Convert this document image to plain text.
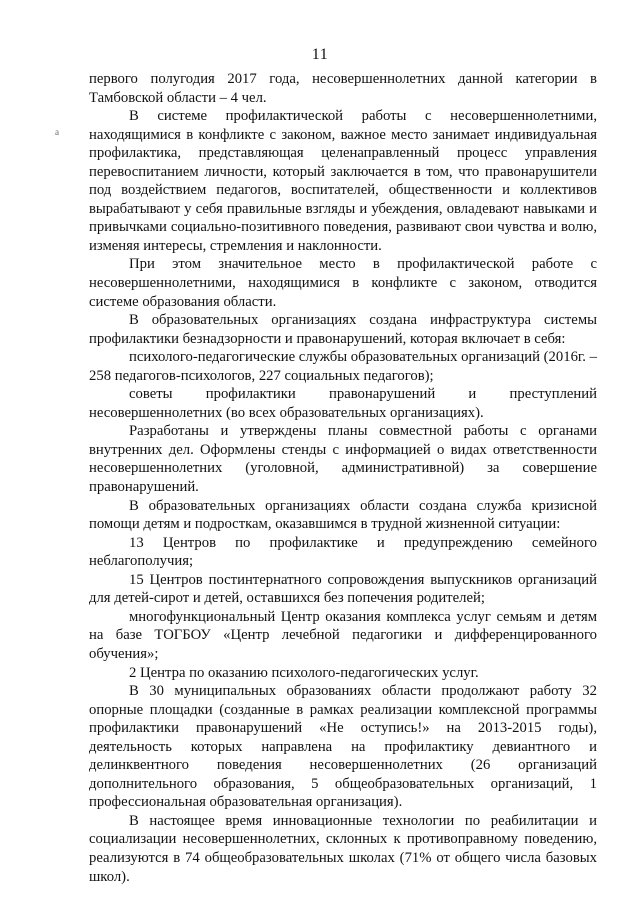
11
a

первого полугодия 2017 года, несовершеннолетних данной категории в Тамбовской области – 4 чел.

В системе профилактической работы с несовершеннолетними, находящимися в конфликте с законом, важное место занимает индивидуальная профилактика, представляющая целенаправленный процесс управления перевоспитанием личности, который заключается в том, что правонарушители под воздействием педагогов, воспитателей, общественности и коллективов вырабатывают у себя правильные взгляды и убеждения, овладевают навыками и привычками социально-позитивного поведения, развивают свои чувства и волю, изменяя интересы, стремления и наклонности.

При этом значительное место в профилактической работе с несовершеннолетними, находящимися в конфликте с законом, отводится системе образования области.

В образовательных организациях создана инфраструктура системы профилактики безнадзорности и правонарушений, которая включает в себя:

психолого-педагогические службы образовательных организаций (2016г. – 258 педагогов-психологов, 227 социальных педагогов);

советы профилактики правонарушений и преступлений несовершеннолетних (во всех образовательных организациях).

Разработаны и утверждены планы совместной работы с органами внутренних дел. Оформлены стенды с информацией о видах ответственности несовершеннолетних (уголовной, административной) за совершение правонарушений.

В образовательных организациях области создана служба кризисной помощи детям и подросткам, оказавшимся в трудной жизненной ситуации:

13 Центров по профилактике и предупреждению семейного неблагополучия;

15 Центров постинтернатного сопровождения выпускников организаций для детей-сирот и детей, оставшихся без попечения родителей;

многофункциональный Центр оказания комплекса услуг семьям и детям на базе ТОГБОУ «Центр лечебной педагогики и дифференцированного обучения»;

2 Центра по оказанию психолого-педагогических услуг.

В 30 муниципальных образованиях области продолжают работу 32 опорные площадки (созданные в рамках реализации комплексной программы профилактики правонарушений «Не оступись!» на 2013-2015 годы), деятельность которых направлена на профилактику девиантного и делинквентного поведения несовершеннолетних (26 организаций дополнительного образования, 5 общеобразовательных организаций, 1 профессиональная образовательная организация).

В настоящее время инновационные технологии по реабилитации и социализации несовершеннолетних, склонных к противоправному поведению, реализуются в 74 общеобразовательных школах (71% от общего числа базовых школ).
